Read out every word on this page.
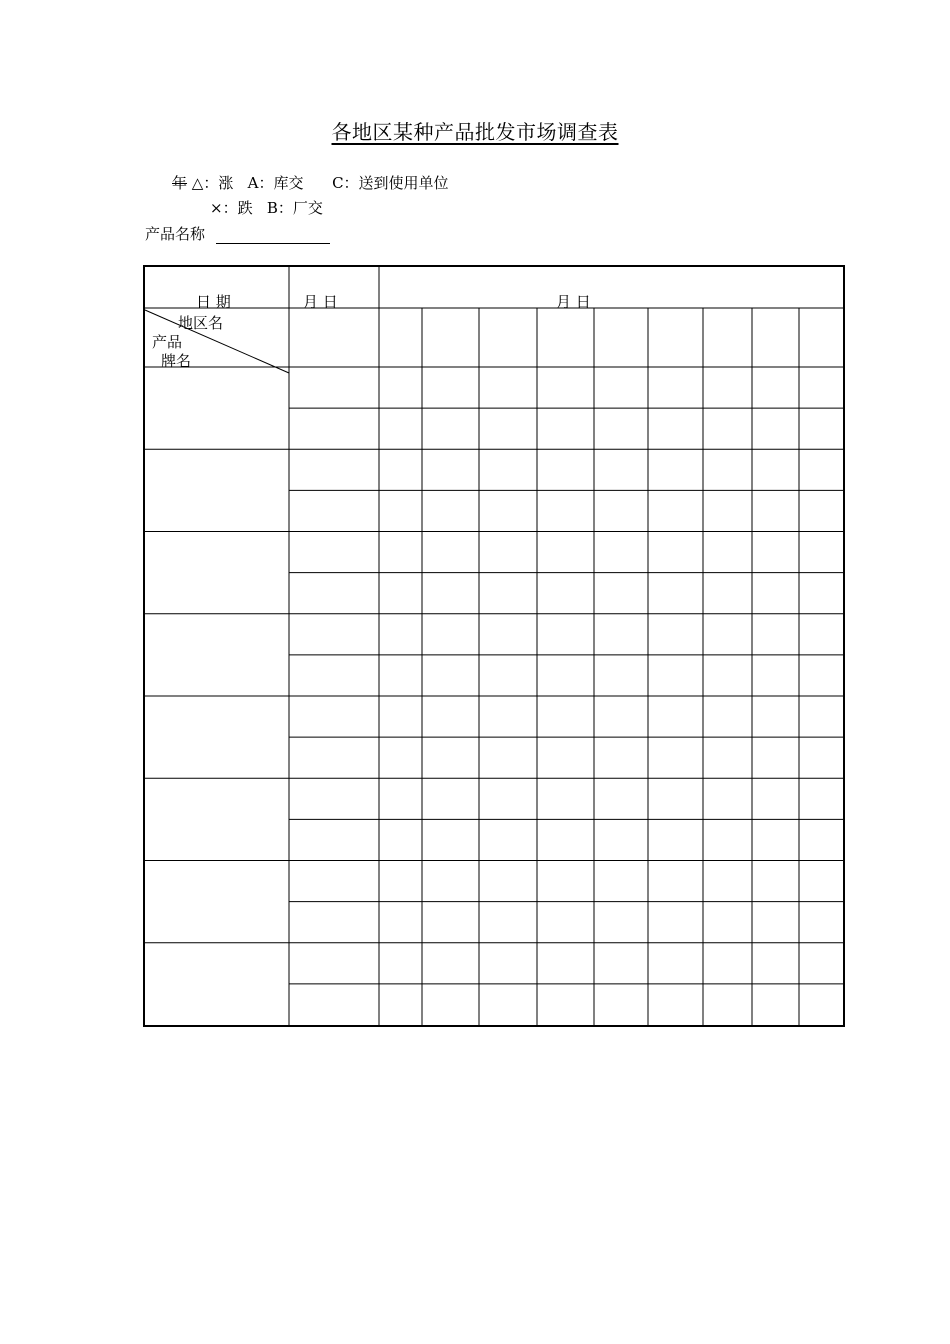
各地区某种产品批发市场调查表
年 △：涨   A：库交      C：送到使用单位
×：跌   B：厂交
产品名称
日 期	月 日	月 日
地区名
产品
牌名
